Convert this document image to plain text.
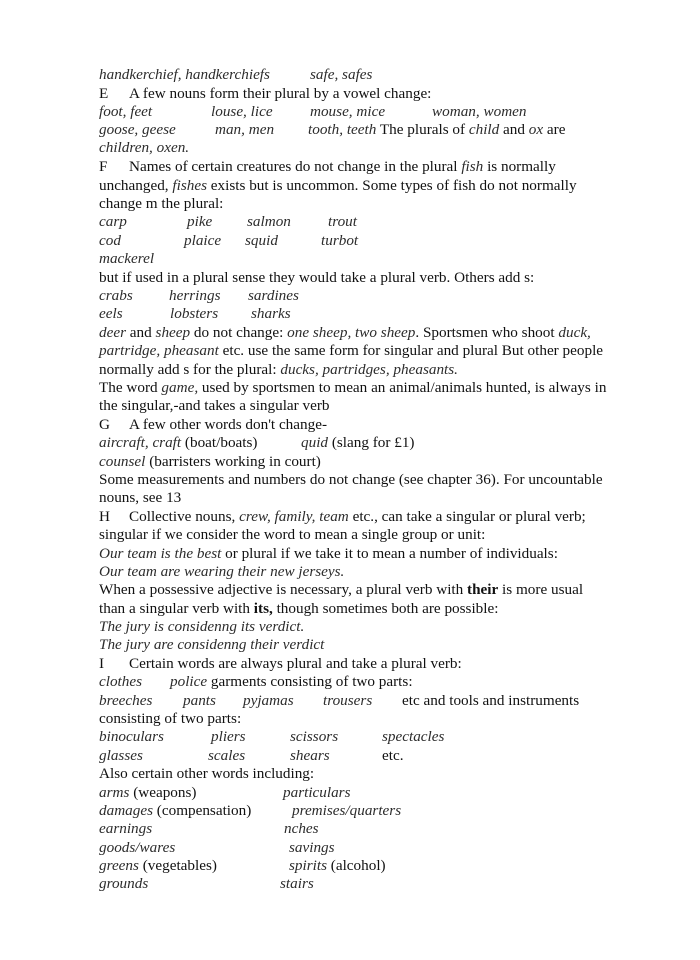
handkerchief, handkerchiefs	safe, safes
E A few nouns form their plural by a vowel change:
foot, feet	louse, lice mouse, mice	woman, women
goose, geese	man, men tooth, teeth The plurals of child and ox are
children, oxen.
F Names of certain creatures do not change in the plural fish is normally
unchanged, fishes exists but is uncommon. Some types of fish do not normally
change m the plural:
carp	pike salmon trout
cod	plaice squid	turbot
mackerel
but if used in a plural sense they would take a plural verb. Others add s:
crabs herrings sardines
eels	lobsters sharks
deer and sheep do not change: one sheep, two sheep. Sportsmen who shoot duck,
partridge, pheasant etc. use the same form for singular and plural But other people
normally add s for the plural: ducks, partridges, pheasants.
The word game, used by sportsmen to mean an animal/animals hunted, is always in
the singular,-and takes a singular verb
G A few other words don't change-
aircraft, craft (boat/boats)	quid (slang for £1)
counsel (barristers working in court)
Some measurements and numbers do not change (see chapter 36). For uncountable
nouns, see 13
H Collective nouns, crew, family, team etc., can take a singular or plural verb;
singular if we consider the word to mean a single group or unit:
Our team is the best or plural if we take it to mean a number of individuals:
Our team are wearing their new jerseys.
When a possessive adjective is necessary, a plural verb with their is more usual
than a singular verb with its, though sometimes both are possible:
The jury is considenng its verdict.
The jury are considenng their verdict
I Certain words are always plural and take a plural verb:
clothes police garments consisting of two parts:
breeches pants pyjamas trousers etc and tools and instruments
consisting of two parts:
binoculars	pliers	scissors	spectacles
glasses	scales	shears	etc.
Also certain other words including:
arms (weapons)	particulars
damages (compensation)	premises/quarters
earnings	nches
goods/wares	savings
greens (vegetables)	spirits (alcohol)
grounds	stairs
